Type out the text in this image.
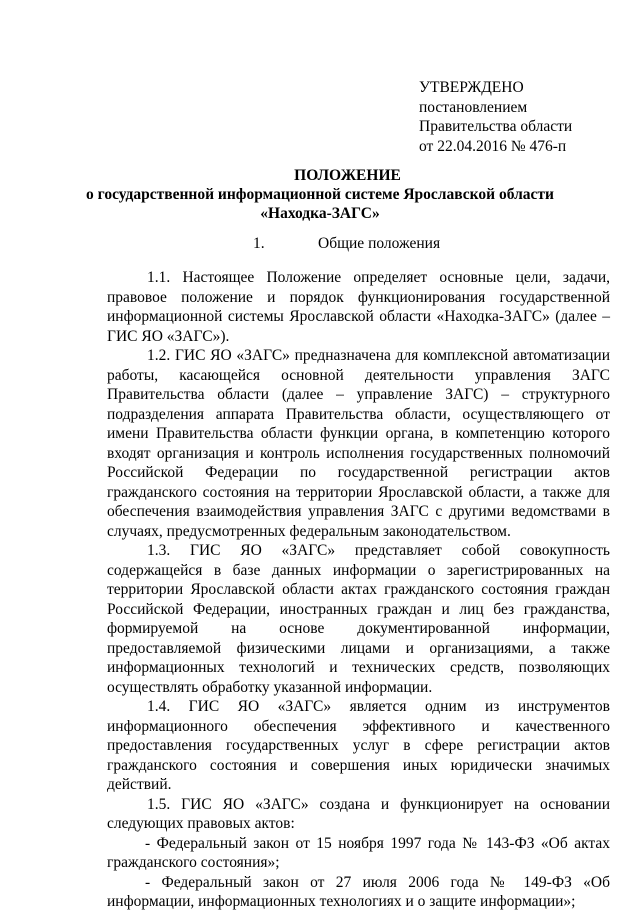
УТВЕРЖДЕНО
постановлением
Правительства области
от 22.04.2016 № 476-п
ПОЛОЖЕНИЕ
о государственной информационной системе Ярославской области
«Находка-ЗАГС»
1.	Общие положения

1.1. Настоящее Положение определяет основные цели, задачи, правовое положение и порядок функционирования государственной информационной системы Ярославской области «Находка-ЗАГС» (далее – ГИС ЯО «ЗАГС»).

1.2. ГИС ЯО «ЗАГС» предназначена для комплексной автоматизации работы, касающейся основной деятельности управления ЗАГС Правительства области (далее – управление ЗАГС) – структурного подразделения аппарата Правительства области, осуществляющего от имени Правительства области функции органа, в компетенцию которого входят организация и контроль исполнения государственных полномочий Российской Федерации по государственной регистрации актов гражданского состояния на территории Ярославской области, а также для обеспечения взаимодействия управления ЗАГС с другими ведомствами в случаях, предусмотренных федеральным законодательством.

1.3. ГИС ЯО «ЗАГС» представляет собой совокупность содержащейся в базе данных информации о зарегистрированных на территории Ярославской области актах гражданского состояния граждан Российской Федерации, иностранных граждан и лиц без гражданства, формируемой на основе документированной информации, предоставляемой физическими лицами и организациями, а также информационных технологий и технических средств, позволяющих осуществлять обработку указанной информации.

1.4. ГИС ЯО «ЗАГС» является одним из инструментов информационного обеспечения эффективного и качественного предоставления государственных услуг в сфере регистрации актов гражданского состояния и совершения иных юридически значимых действий.

1.5. ГИС ЯО «ЗАГС» создана и функционирует на основании следующих правовых актов:

- Федеральный закон от 15 ноября 1997 года № 143-ФЗ «Об актах гражданского состояния»;

- Федеральный закон от 27 июля 2006 года № 149-ФЗ «Об информации, информационных технологиях и о защите информации»;
